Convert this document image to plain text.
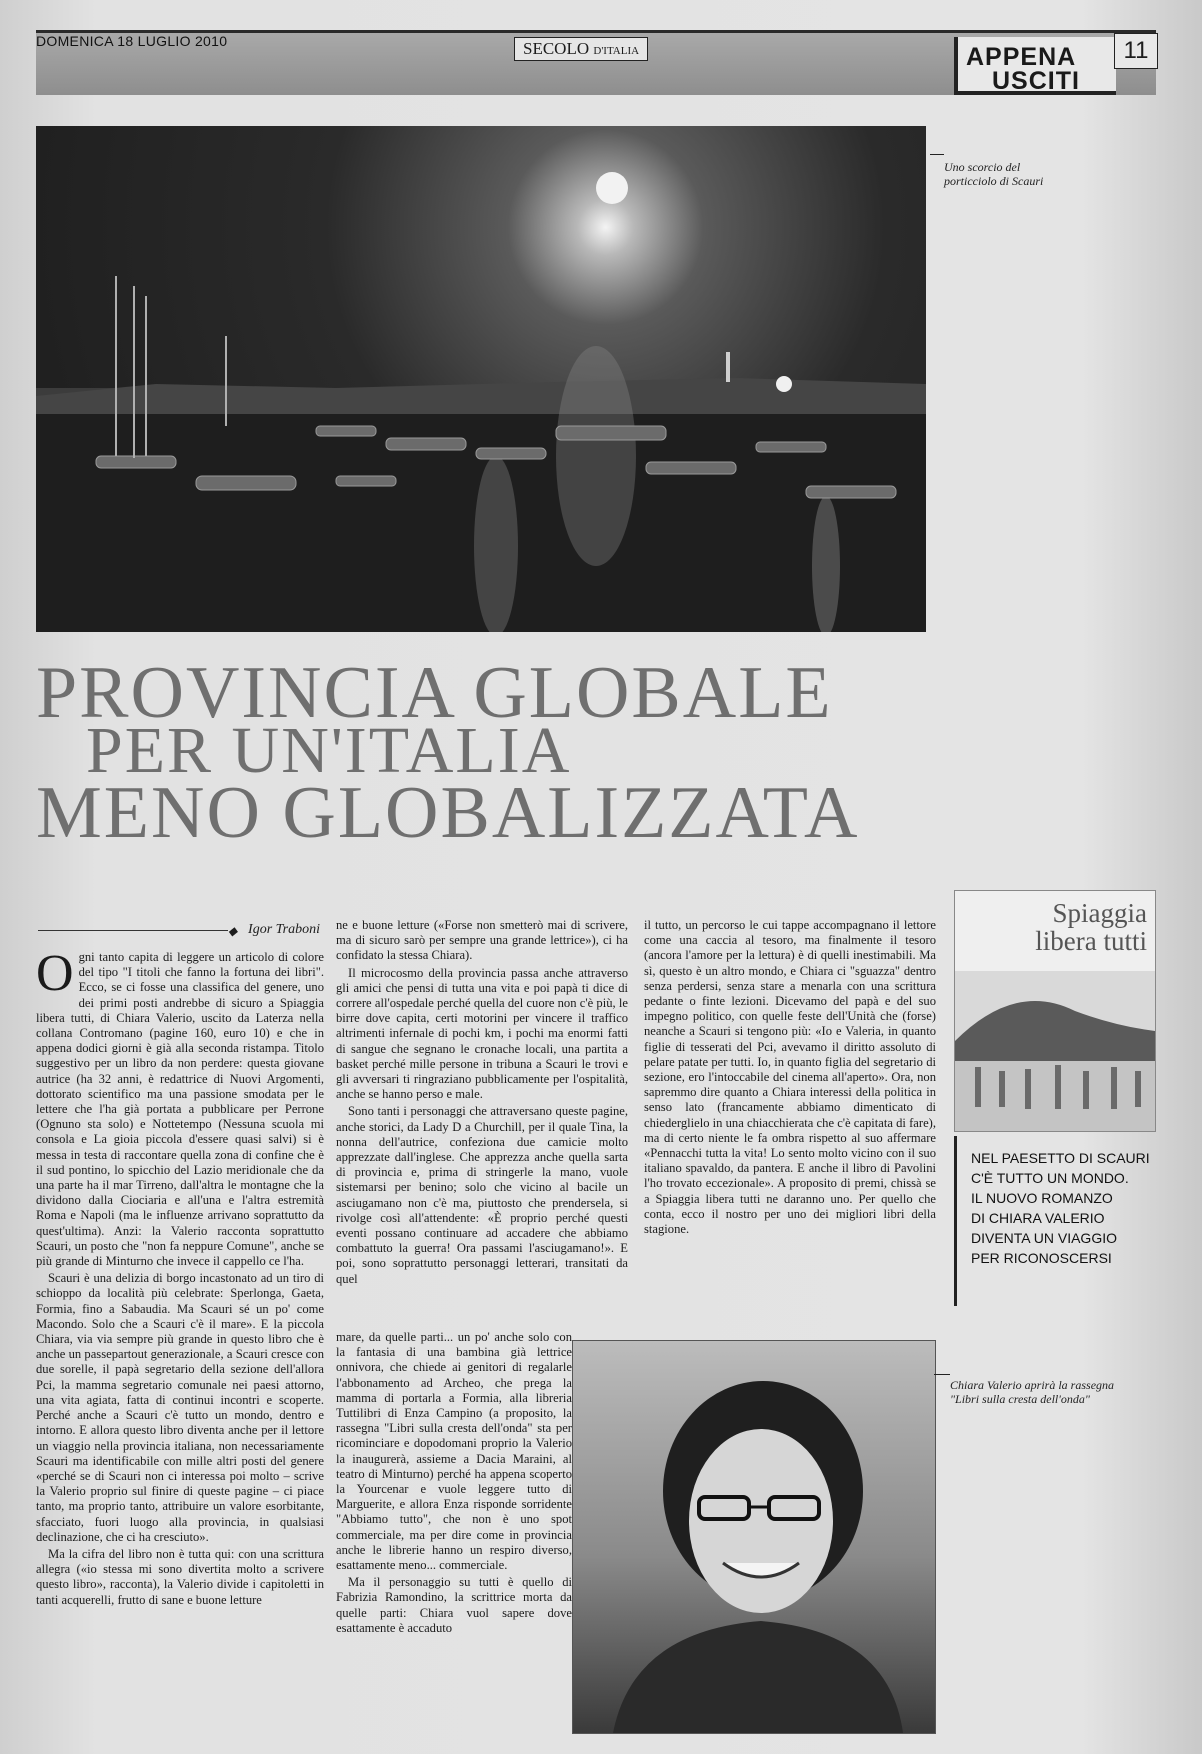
DOMENICA 18 LUGLIO 2010	SECOLO D'ITALIA	APPENA
USCITI
11
Uno scorcio del porticciolo di Scauri
PROVINCIA GLOBALE
PER UN'ITALIA
MENO GLOBALIZZATA
◆ Igor Traboni

Ogni tanto capita di leggere un articolo di colore del tipo "I titoli che fanno la fortuna dei libri". Ecco, se ci fosse una classifica del genere, uno dei primi posti andrebbe di sicuro a Spiaggia libera tutti, di Chiara Valerio, uscito da Laterza nella collana Contromano (pagine 160, euro 10) e che in appena dodici giorni è già alla seconda ristampa. Titolo suggestivo per un libro da non perdere: questa giovane autrice (ha 32 anni, è redattrice di Nuovi Argomenti, dottorato scientifico ma una passione smodata per le lettere che l'ha già portata a pubblicare per Perrone (Ognuno sta solo) e Nottetempo (Nessuna scuola mi consola e La gioia piccola d'essere quasi salvi) si è messa in testa di raccontare quella zona di confine che è il sud pontino, lo spicchio del Lazio meridionale che da una parte ha il mar Tirreno, dall'altra le montagne che la dividono dalla Ciociaria e all'una e l'altra estremità Roma e Napoli (ma le influenze arrivano soprattutto da quest'ultima). Anzi: la Valerio racconta soprattutto Scauri, un posto che "non fa neppure Comune", anche se più grande di Minturno che invece il cappello ce l'ha.

Scauri è una delizia di borgo incastonato ad un tiro di schioppo da località più celebrate: Sperlonga, Gaeta, Formia, fino a Sabaudia. Ma Scauri sé un po' come Macondo. Solo che a Scauri c'è il mare». E la piccola Chiara, via via sempre più grande in questo libro che è anche un passepartout generazionale, a Scauri cresce con due sorelle, il papà segretario della sezione dell'allora Pci, la mamma segretario comunale nei paesi attorno, una vita agiata, fatta di continui incontri e scoperte. Perché anche a Scauri c'è tutto un mondo, dentro e intorno. E allora questo libro diventa anche per il lettore un viaggio nella provincia italiana, non necessariamente Scauri ma identificabile con mille altri posti del genere «perché se di Scauri non ci interessa poi molto – scrive la Valerio proprio sul finire di queste pagine – ci piace tanto, ma proprio tanto, attribuire un valore esorbitante, sfacciato, fuori luogo alla provincia, in qualsiasi declinazione, che ci ha cresciuto».

Ma la cifra del libro non è tutta qui: con una scrittura allegra («io stessa mi sono divertita molto a scrivere questo libro», racconta), la Valerio divide i capitoletti in tanti acquerelli, frutto di sane e buone letture

ne e buone letture («Forse non smetterò mai di scrivere, ma di sicuro sarò per sempre una grande lettrice»), ci ha confidato la stessa Chiara).

Il microcosmo della provincia passa anche attraverso gli amici che pensi di tutta una vita e poi papà ti dice di correre all'ospedale perché quella del cuore non c'è più, le birre dove capita, certi motorini per vincere il traffico altrimenti infernale di pochi km, i pochi ma enormi fatti di sangue che segnano le cronache locali, una partita a basket perché mille persone in tribuna a Scauri le trovi e gli avversari ti ringraziano pubblicamente per l'ospitalità, anche se hanno perso e male.

Sono tanti i personaggi che attraversano queste pagine, anche storici, da Lady D a Churchill, per il quale Tina, la nonna dell'autrice, confeziona due camicie molto apprezzate dall'inglese. Che apprezza anche quella sarta di provincia e, prima di stringerle la mano, vuole sistemarsi per benino; solo che vicino al bacile un asciugamano non c'è ma, piuttosto che prendersela, si rivolge così all'attendente: «È proprio perché questi eventi possano continuare ad accadere che abbiamo combattuto la guerra! Ora passami l'asciugamano!». E poi, sono soprattutto personaggi letterari, transitati da quel

mare, da quelle parti... un po' anche solo con la fantasia di una bambina già lettrice onnivora, che chiede ai genitori di regalarle l'abbonamento ad Archeo, che prega la mamma di portarla a Formia, alla libreria Tuttilibri di Enza Campino (a proposito, la rassegna "Libri sulla cresta dell'onda" sta per ricominciare e dopodomani proprio la Valerio la inaugurerà, assieme a Dacia Maraini, al teatro di Minturno) perché ha appena scoperto la Yourcenar e vuole leggere tutto di Marguerite, e allora Enza risponde sorridente "Abbiamo tutto", che non è uno spot commerciale, ma per dire come in provincia anche le librerie hanno un respiro diverso, esattamente meno... commerciale.

Ma il personaggio su tutti è quello di Fabrizia Ramondino, la scrittrice morta da quelle parti: Chiara vuol sapere dove esattamente è accaduto

il tutto, un percorso le cui tappe accompagnano il lettore come una caccia al tesoro, ma finalmente il tesoro (ancora l'amore per la lettura) è di quelli inestimabili. Ma sì, questo è un altro mondo, e Chiara ci "sguazza" dentro senza perdersi, senza stare a menarla con una scrittura pedante o finte lezioni. Dicevamo del papà e del suo impegno politico, con quelle feste dell'Unità che (forse) neanche a Scauri si tengono più: «Io e Valeria, in quanto figlie di tesserati del Pci, avevamo il diritto assoluto di pelare patate per tutti. Io, in quanto figlia del segretario di sezione, ero l'intoccabile del cinema all'aperto». Ora, non sapremmo dire quanto a Chiara interessi della politica in senso lato (francamente abbiamo dimenticato di chiederglielo in una chiacchierata che c'è capitata di fare), ma di certo niente le fa ombra rispetto al suo affermare «Pennacchi tutta la vita! Lo sento molto vicino con il suo italiano spavaldo, da pantera. E anche il libro di Pavolini l'ho trovato eccezionale». A proposito di premi, chissà se a Spiaggia libera tutti ne daranno uno. Per quello che conta, ecco il nostro per uno dei migliori libri della stagione.

Spiaggia
libera tutti
NEL PAESETTO DI SCAURI
C'È TUTTO UN MONDO.
IL NUOVO ROMANZO
DI CHIARA VALERIO
DIVENTA UN VIAGGIO
PER RICONOSCERSI
Chiara Valerio aprirà la rassegna "Libri sulla cresta dell'onda"
